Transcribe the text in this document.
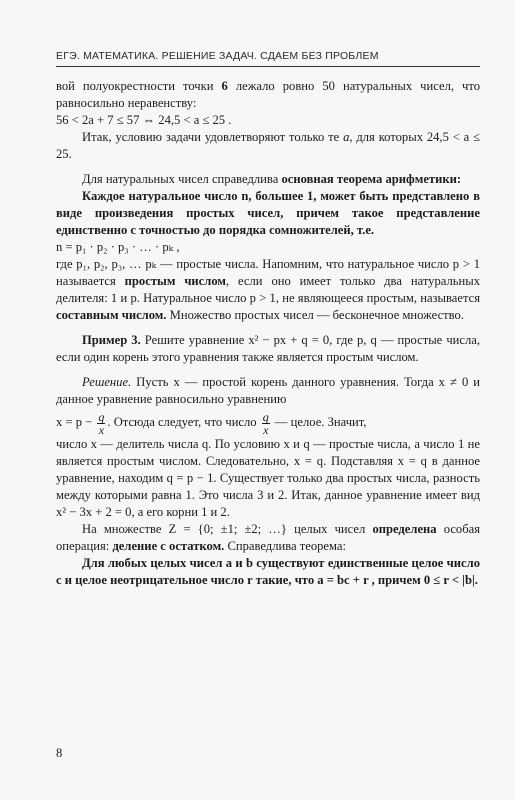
ЕГЭ. МАТЕМАТИКА. РЕШЕНИЕ ЗАДАЧ. СДАЕМ БЕЗ ПРОБЛЕМ

вой полуокрестности точки 6 лежало ровно 50 натуральных чисел, что равносильно неравенству:

56 < 2a + 7 ≤ 57 ⇔ 24,5 < a ≤ 25 .

Итак, условию задачи удовлетворяют только те a, для которых 24,5 < a ≤ 25.

Для натуральных чисел справедлива основная теорема арифметики:

Каждое натуральное число n, большее 1, может быть представлено в виде произведения простых чисел, причем такое представление единственно с точностью до порядка сомножителей, т.е.

n = p₁ · p₂ · p₃ · … · pₖ ,

где p₁, p₂, p₃, … pₖ — простые числа. Напомним, что натуральное число p > 1 называется простым числом, если оно имеет только два натуральных делителя: 1 и p. Натуральное число p > 1, не являющееся простым, называется составным числом. Множество простых чисел — бесконечное множество.

Пример 3. Решите уравнение x² − px + q = 0, где p, q — простые числа, если один корень этого уравнения также является простым числом.

Решение. Пусть x — простой корень данного уравнения. Тогда x ≠ 0 и данное уравнение равносильно уравнению

$x = p - \frac{q}{x}$ . Отсюда следует, что число $\frac{q}{x}$ — целое. Значит,

число x — делитель числа q. По условию x и q — простые числа, а число 1 не является простым числом. Следовательно, x = q. Подставляя x = q в данное уравнение, находим q = p − 1. Существует только два простых числа, разность между которыми равна 1. Это числа 3 и 2. Итак, данное уравнение имеет вид x² − 3x + 2 = 0, а его корни 1 и 2.

На множестве Z = {0; ±1; ±2; …} целых чисел определена особая операция: деление с остатком. Справедлива теорема:

Для любых целых чисел a и b существуют единственные целое число c и целое неотрицательное число r такие, что a = bc + r , причем 0 ≤ r < |b|.

8
